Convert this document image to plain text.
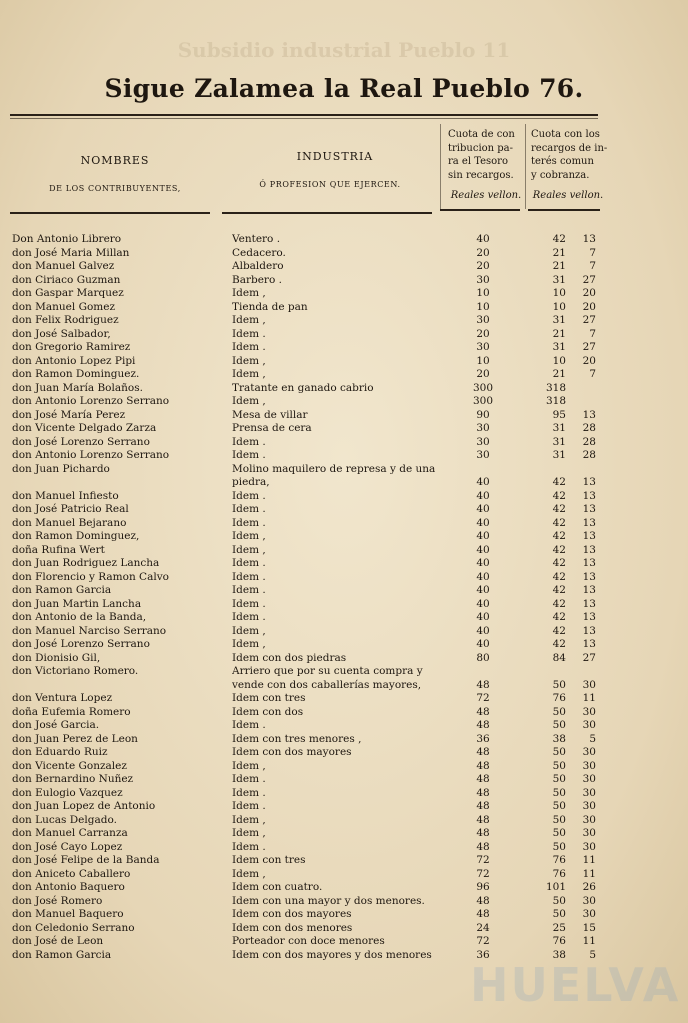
Subsidio industrial Pueblo 11
Sigue Zalamea la Real Pueblo 76.
NOMBRES
DE LOS CONTRIBUYENTES,
INDUSTRIA
Ó PROFESION QUE EJERCEN.
Cuota de con
tribucion pa-
ra el Tesoro
sin recargos.
Cuota con los
recargos de in-
terés comun
y cobranza.
Reales vellon.	Reales vellon.
Don Antonio Librero	Ventero .	40	42	13
don José Maria Millan	Cedacero.	20	21	7
don Manuel Galvez	Albaldero	20	21	7
don Ciriaco Guzman	Barbero .	30	31	27
don Gaspar Marquez	Idem ,	10	10	20
don Manuel Gomez	Tienda de pan	10	10	20
don Felix Rodriguez	Idem ,	30	31	27
don José Salbador,	Idem .	20	21	7
don Gregorio Ramirez	Idem .	30	31	27
don Antonio Lopez Pipi	Idem ,	10	10	20
don Ramon Dominguez.	Idem ,	20	21	7
don Juan María Bolaños.	Tratante en ganado cabrio	300	318
don Antonio Lorenzo Serrano	Idem ,	300	318
don José María Perez	Mesa de villar	90	95	13
don Vicente Delgado Zarza	Prensa de cera	30	31	28
don José Lorenzo Serrano	Idem .	30	31	28
don Antonio Lorenzo Serrano	Idem .	30	31	28
don Juan Pichardo	Molino maquilero de represa y de una
piedra,	40	42	13
don Manuel Infiesto	Idem .	40	42	13
don José Patricio Real	Idem .	40	42	13
don Manuel Bejarano	Idem .	40	42	13
don Ramon Dominguez,	Idem ,	40	42	13
doña Rufina Wert	Idem ,	40	42	13
don Juan Rodriguez Lancha	Idem .	40	42	13
don Florencio y Ramon Calvo	Idem .	40	42	13
don Ramon Garcia	Idem .	40	42	13
don Juan Martin Lancha	Idem .	40	42	13
don Antonio de la Banda,	Idem .	40	42	13
don Manuel Narciso Serrano	Idem ,	40	42	13
don José Lorenzo Serrano	Idem ,	40	42	13
don Dionisio Gil,	Idem con dos piedras	80	84	27
don Victoriano Romero.	Arriero que por su cuenta compra y
vende con dos caballerías mayores,	48	50	30
don Ventura Lopez	Idem con tres	72	76	11
doña Eufemia Romero	Idem con dos	48	50	30
don José Garcia.	Idem .	48	50	30
don Juan Perez de Leon	Idem con tres menores ,	36	38	5
don Eduardo Ruiz	Idem con dos mayores	48	50	30
don Vicente Gonzalez	Idem ,	48	50	30
don Bernardino Nuñez	Idem .	48	50	30
don Eulogio Vazquez	Idem .	48	50	30
don Juan Lopez de Antonio	Idem .	48	50	30
don Lucas Delgado.	Idem ,	48	50	30
don Manuel Carranza	Idem ,	48	50	30
don José Cayo Lopez	Idem .	48	50	30
don José Felipe de la Banda	Idem con tres	72	76	11
don Aniceto Caballero	Idem ,	72	76	11
don Antonio Baquero	Idem con cuatro.	96	101	26
don José Romero	Idem con una mayor y dos menores.	48	50	30
don Manuel Baquero	Idem con dos mayores	48	50	30
don Celedonio Serrano	Idem con dos menores	24	25	15
don José de Leon	Porteador con doce menores	72	76	11
don Ramon Garcia	Idem con dos mayores y dos menores	36	38	5
HUELVA
